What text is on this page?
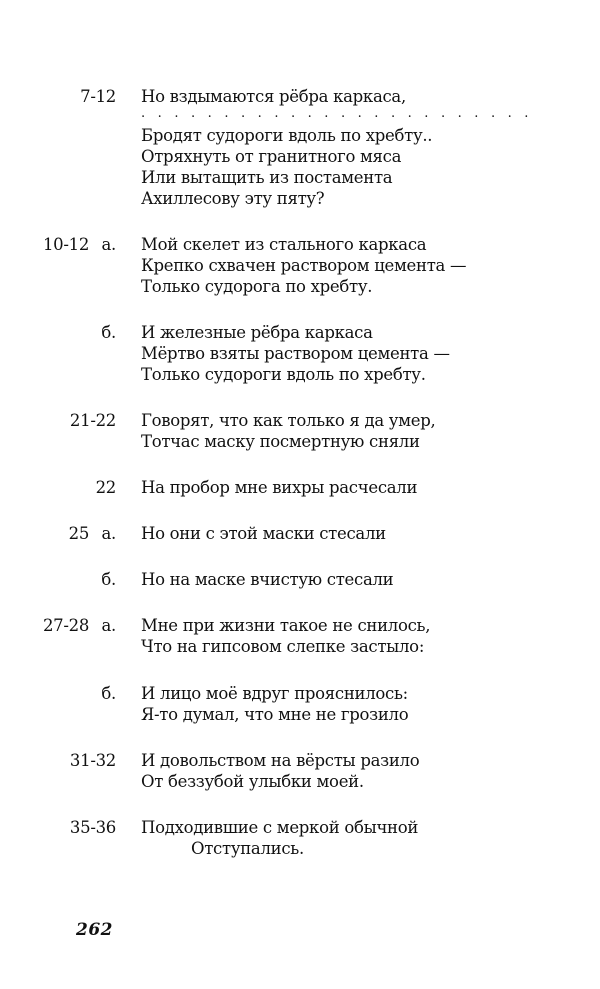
7-12 Но вздымаются рёбра каркаса,
. . . . . . . . . . . . . . . . . . . . . . . .
Бродят судороги вдоль по хребту..
Отряхнуть от гранитного мяса
Или вытащить из постамента
Ахиллесову эту пяту?
10-12 а. Мой скелет из стального каркаса
Крепко схвачен раствором цемента —
Только судорога по хребту.
б. И железные рёбра каркаса
Мёртво взяты раствором цемента —
Только судороги вдоль по хребту.
21-22 Говорят, что как только я да умер,
Тотчас маску посмертную сняли
22 На пробор мне вихры расчесали
25 а. Но они с этой маски стесали
б. Но на маске вчистую стесали
27-28 а. Мне при жизни такое не снилось,
Что на гипсовом слепке застыло:
б. И лицо моё вдруг прояснилось:
Я-то думал, что мне не грозило
31-32 И довольством на вёрсты разило
От беззубой улыбки моей.
35-36 Подходившие с меркой обычной
Отступались.
262
